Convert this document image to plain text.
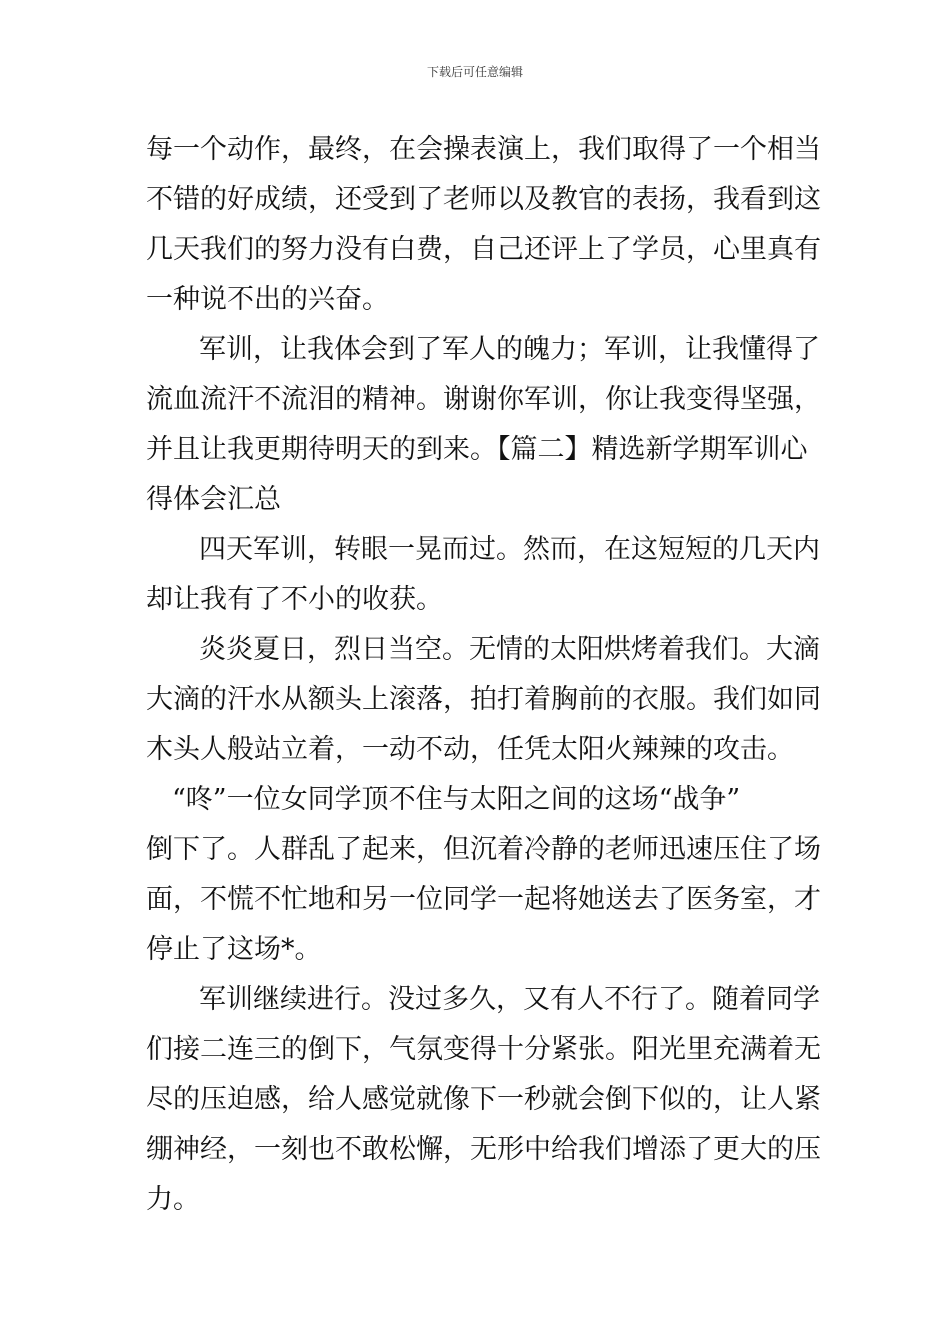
下载后可任意编辑
每一个动作，最终，在会操表演上，我们取得了一个相当
不错的好成绩，还受到了老师以及教官的表扬，我看到这
几天我们的努力没有白费，自己还评上了学员，心里真有
一种说不出的兴奋。
军训，让我体会到了军人的魄力；军训，让我懂得了
流血流汗不流泪的精神。谢谢你军训，你让我变得坚强，
并且让我更期待明天的到来。【篇二】精选新学期军训心
得体会汇总
四天军训，转眼一晃而过。然而，在这短短的几天内
却让我有了不小的收获。
炎炎夏日，烈日当空。无情的太阳烘烤着我们。大滴
大滴的汗水从额头上滚落，拍打着胸前的衣服。我们如同
木头人般站立着，一动不动，任凭太阳火辣辣的攻击。
“咚”一位女同学顶不住与太阳之间的这场“战争”
倒下了。人群乱了起来，但沉着冷静的老师迅速压住了场
面，不慌不忙地和另一位同学一起将她送去了医务室，才
停止了这场*。
军训继续进行。没过多久，又有人不行了。随着同学
们接二连三的倒下，气氛变得十分紧张。阳光里充满着无
尽的压迫感，给人感觉就像下一秒就会倒下似的，让人紧
绷神经，一刻也不敢松懈，无形中给我们增添了更大的压
力。
